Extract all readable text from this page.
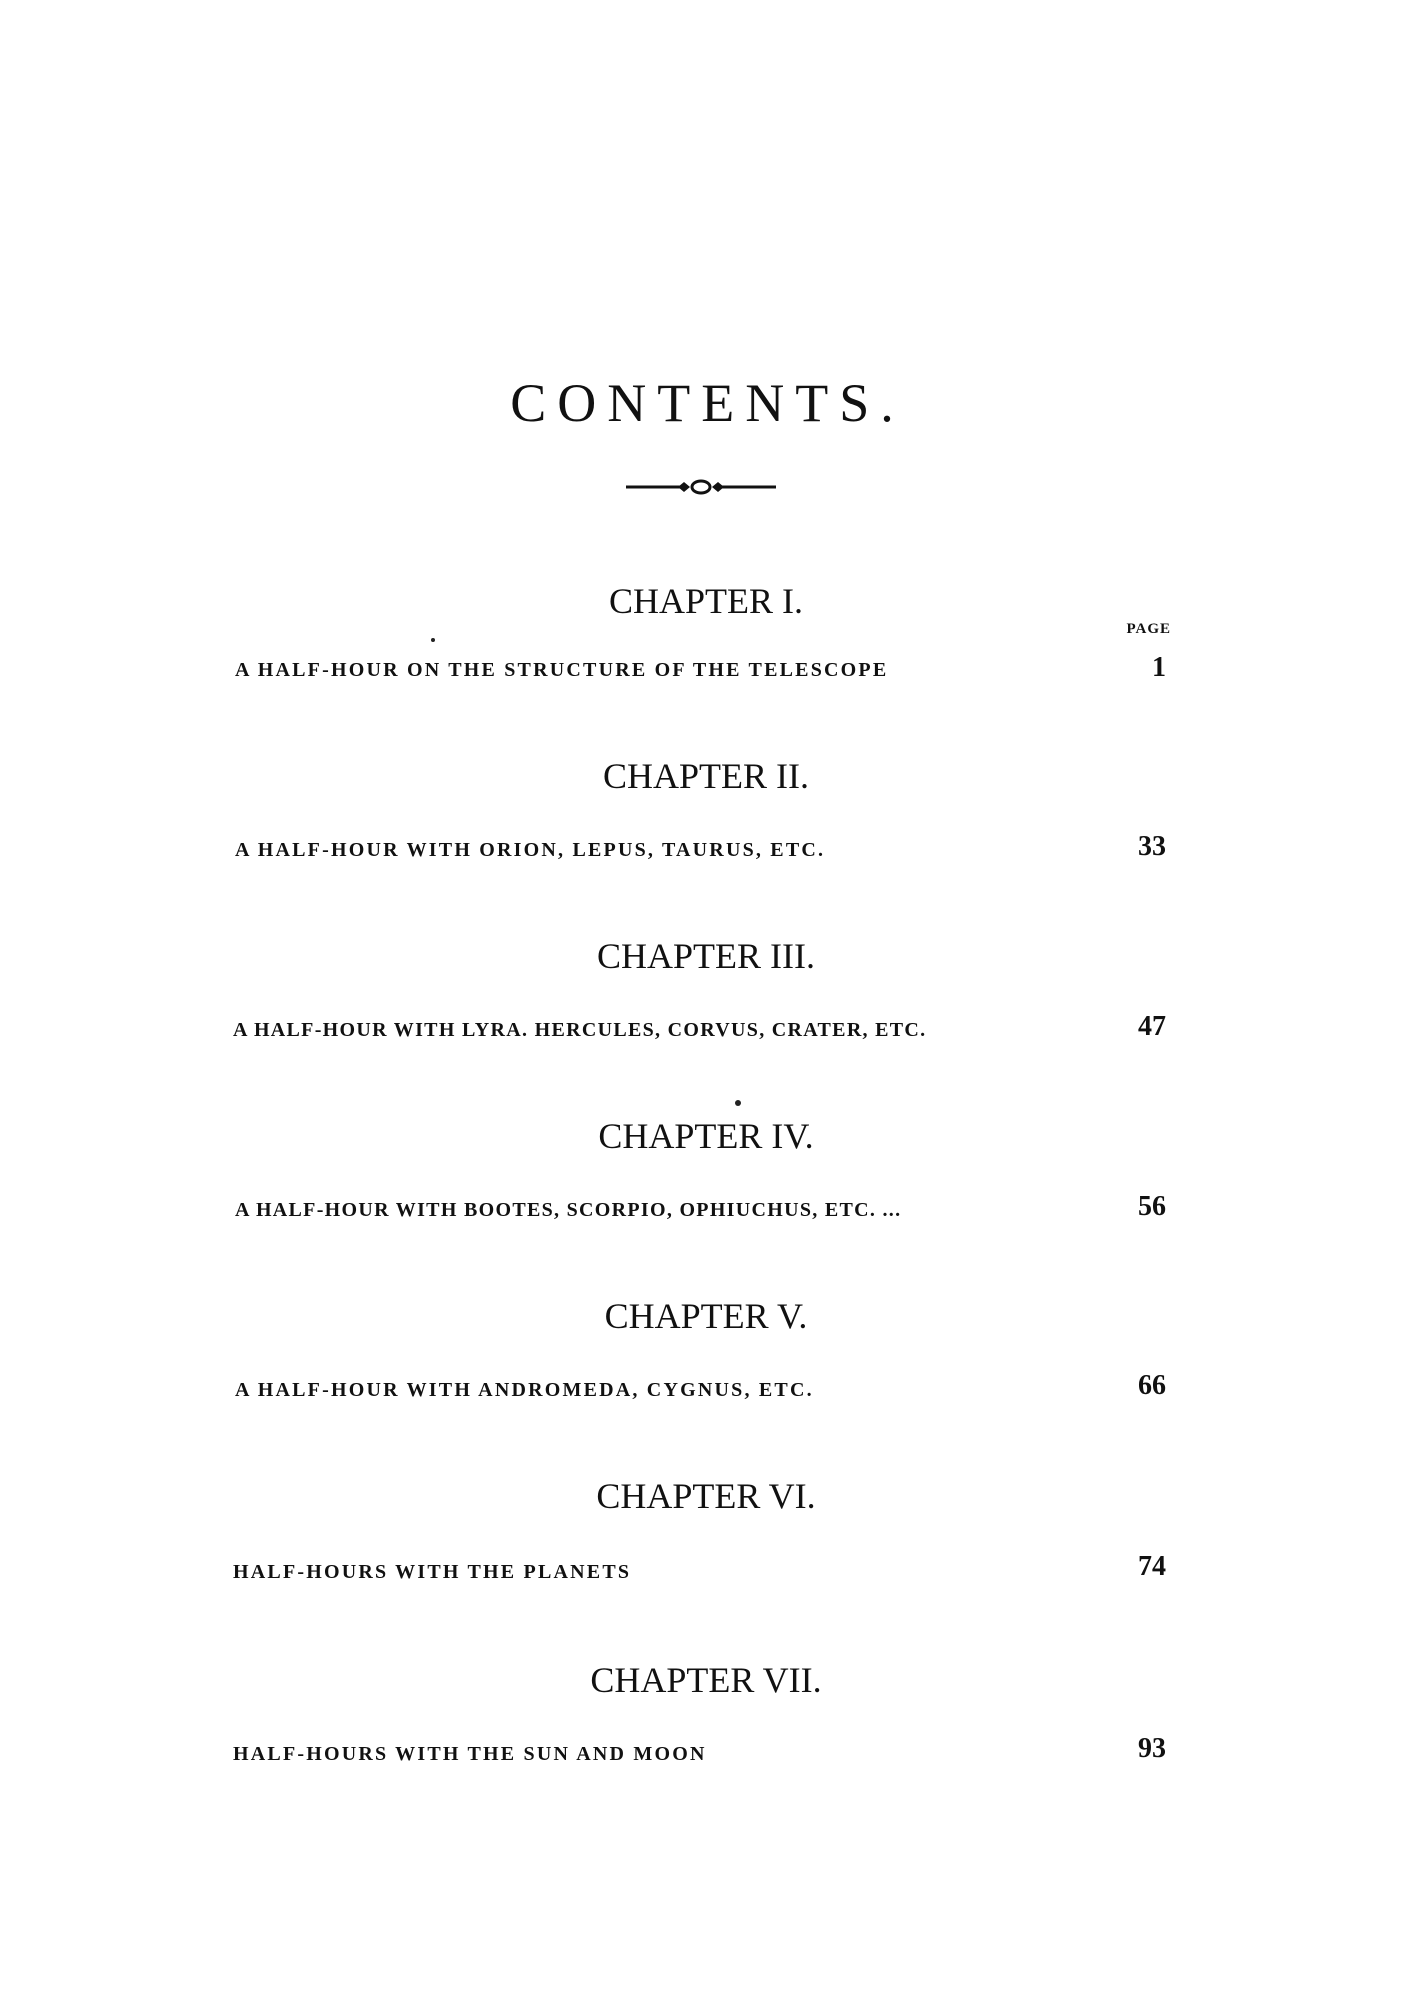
CONTENTS.
CHAPTER I.
PAGE
A HALF-HOUR ON THE STRUCTURE OF THE TELESCOPE	1
CHAPTER II.
A HALF-HOUR WITH ORION, LEPUS, TAURUS, ETC.	33
CHAPTER III.
A HALF-HOUR WITH LYRA. HERCULES, CORVUS, CRATER, ETC.	47
CHAPTER IV.
A HALF-HOUR WITH BOOTES, SCORPIO, OPHIUCHUS, ETC. ...	56
CHAPTER V.
A HALF-HOUR WITH ANDROMEDA, CYGNUS, ETC.	66
CHAPTER VI.
HALF-HOURS WITH THE PLANETS	74
CHAPTER VII.
HALF-HOURS WITH THE SUN AND MOON	93
